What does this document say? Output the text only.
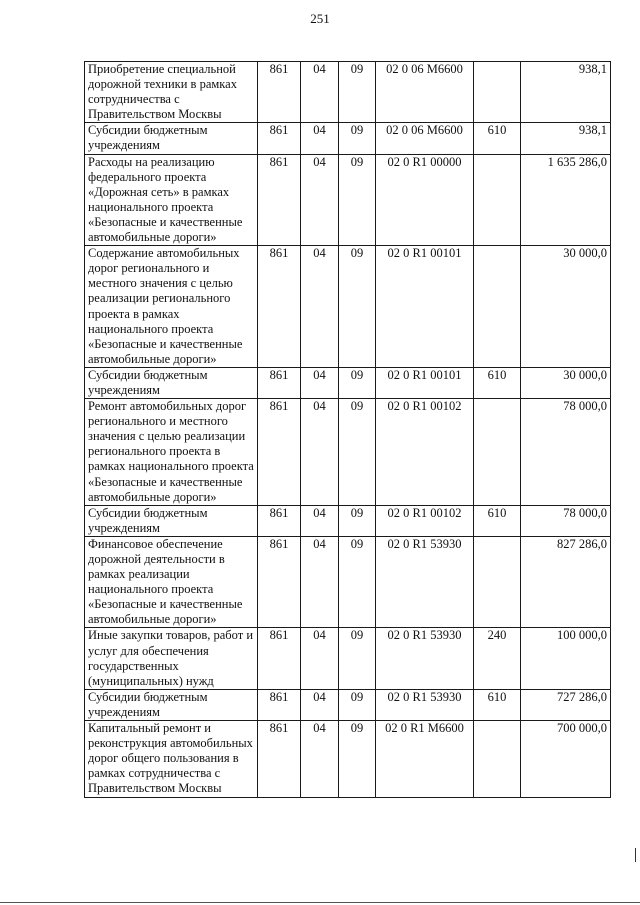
251
Приобретение специальной дорожной техники в рамках сотрудничества с Правительством Москвы	861	04	09	02 0 06 М6600		938,1
Субсидии бюджетным учреждениям	861	04	09	02 0 06 М6600	610	938,1
Расходы на реализацию федерального проекта «Дорожная сеть» в рамках национального проекта «Безопасные и качественные автомобильные дороги»	861	04	09	02 0 R1 00000		1 635 286,0
Содержание автомобильных дорог регионального и местного значения с целью реализации регионального проекта в рамках национального проекта «Безопасные и качественные автомобильные дороги»	861	04	09	02 0 R1 00101		30 000,0
Субсидии бюджетным учреждениям	861	04	09	02 0 R1 00101	610	30 000,0
Ремонт автомобильных дорог регионального и местного значения с целью реализации регионального проекта в рамках национального проекта «Безопасные и качественные автомобильные дороги»	861	04	09	02 0 R1 00102		78 000,0
Субсидии бюджетным учреждениям	861	04	09	02 0 R1 00102	610	78 000,0
Финансовое обеспечение дорожной деятельности в рамках реализации национального проекта «Безопасные и качественные автомобильные дороги»	861	04	09	02 0 R1 53930		827 286,0
Иные закупки товаров, работ и услуг для обеспечения государственных (муниципальных) нужд	861	04	09	02 0 R1 53930	240	100 000,0
Субсидии бюджетным учреждениям	861	04	09	02 0 R1 53930	610	727 286,0
Капитальный ремонт и реконструкция автомобильных дорог общего пользования в рамках сотрудничества с Правительством Москвы	861	04	09	02 0 R1 М6600		700 000,0
